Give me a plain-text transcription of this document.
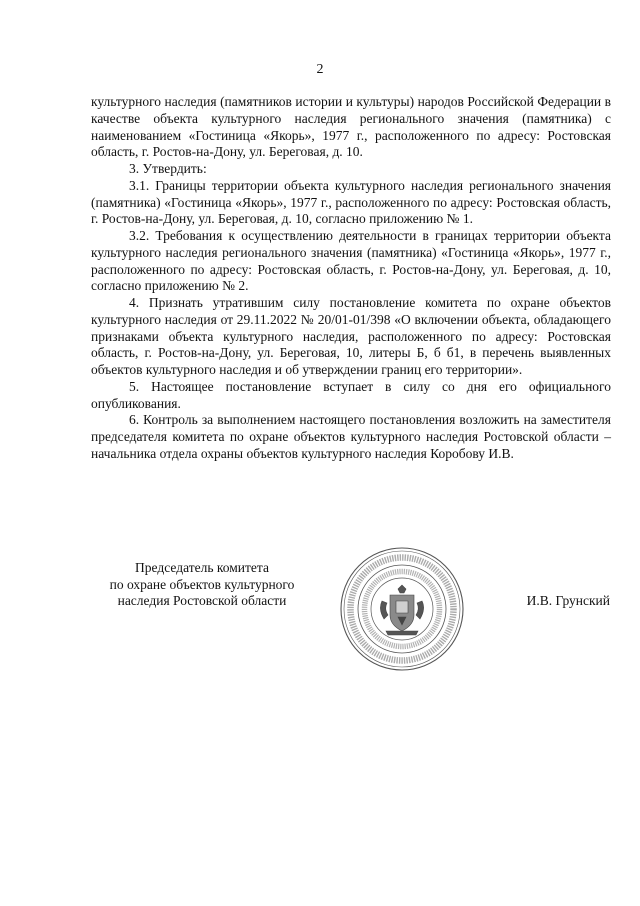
2

культурного наследия (памятников истории и культуры) народов Российской Федерации в качестве объекта культурного наследия регионального значения (памятника) с наименованием «Гостиница «Якорь», 1977 г., расположенного по адресу: Ростовская область, г. Ростов-на-Дону, ул. Береговая, д. 10.

3. Утвердить:

3.1. Границы территории объекта культурного наследия регионального значения (памятника) «Гостиница «Якорь», 1977 г., расположенного по адресу: Ростовская область, г. Ростов-на-Дону, ул. Береговая, д. 10, согласно приложению № 1.

3.2. Требования к осуществлению деятельности в границах территории объекта культурного наследия регионального значения (памятника) «Гостиница «Якорь», 1977 г., расположенного по адресу: Ростовская область, г. Ростов-на-Дону, ул. Береговая, д. 10, согласно приложению № 2.

4. Признать утратившим силу постановление комитета по охране объектов культурного наследия от 29.11.2022 № 20/01-01/398 «О включении объекта, обладающего признаками объекта культурного наследия, расположенного по адресу: Ростовская область, г. Ростов-на-Дону, ул. Береговая, 10, литеры Б, б б1, в перечень выявленных объектов культурного наследия и об утверждении границ его территории».

5. Настоящее постановление вступает в силу со дня его официального опубликования.

6. Контроль за выполнением настоящего постановления возложить на заместителя председателя комитета по охране объектов культурного наследия Ростовской области – начальника отдела охраны объектов культурного наследия Коробову И.В.

Председатель комитета
по охране объектов культурного
наследия Ростовской области	И.В. Грунский
